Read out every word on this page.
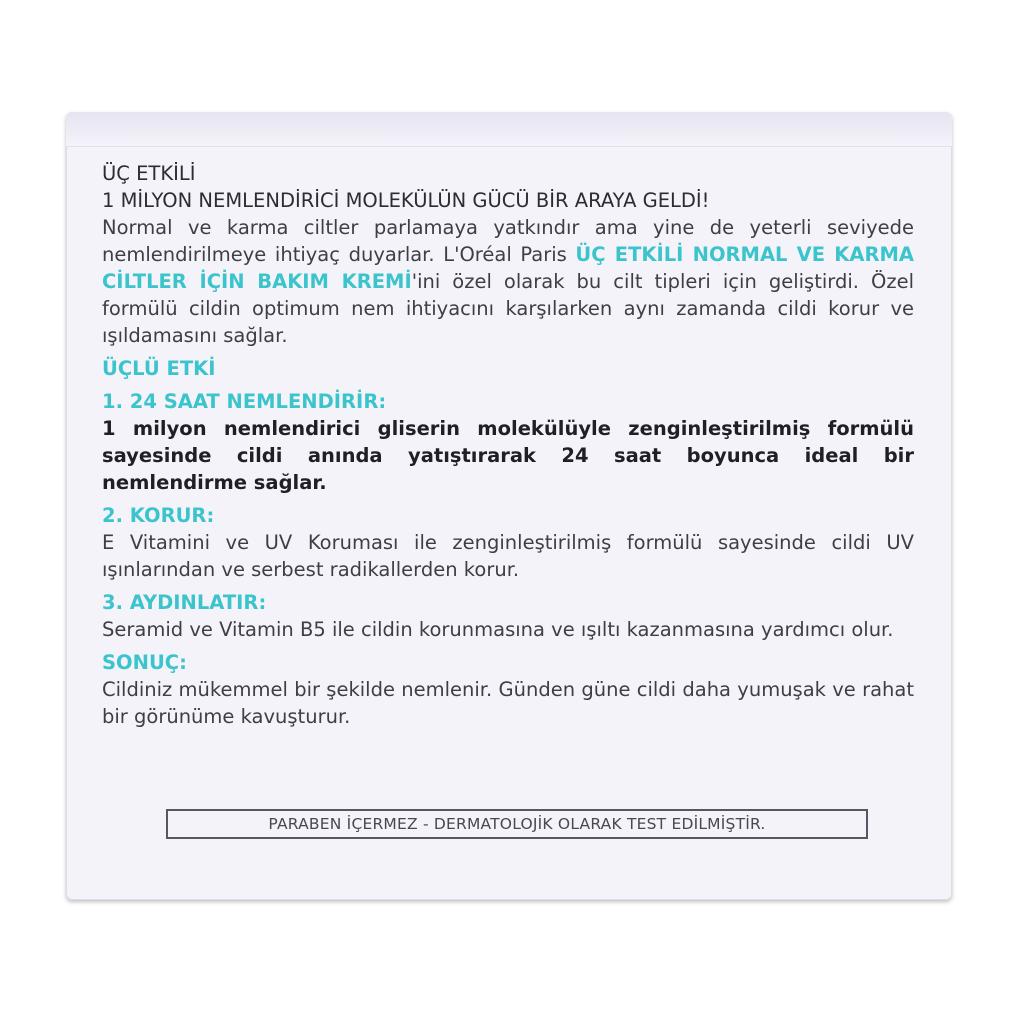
ÜÇ ETKİLİ

1 MİLYON NEMLENDİRİCİ MOLEKÜLÜN GÜCÜ BİR ARAYA GELDİ!

Normal ve karma ciltler parlamaya yatkındır ama yine de yeterli seviyede nemlendirilmeye ihtiyaç duyarlar. L'Oréal Paris ÜÇ ETKİLİ NORMAL VE KARMA CİLTLER İÇİN BAKIM KREMİ'ini özel olarak bu cilt tipleri için geliştirdi. Özel formülü cildin optimum nem ihtiyacını karşılarken aynı zamanda cildi korur ve ışıldamasını sağlar.

ÜÇLÜ ETKİ

1. 24 SAAT NEMLENDİRİR:

1 milyon nemlendirici gliserin molekülüyle zenginleştirilmiş formülü sayesinde cildi anında yatıştırarak 24 saat boyunca ideal bir nemlendirme sağlar.

2. KORUR:

E Vitamini ve UV Koruması ile zenginleştirilmiş formülü sayesinde cildi UV ışınlarından ve serbest radikallerden korur.

3. AYDINLATIR:

Seramid ve Vitamin B5 ile cildin korunmasına ve ışıltı kazanmasına yardımcı olur.

SONUÇ:

Cildiniz mükemmel bir şekilde nemlenir. Günden güne cildi daha yumuşak ve rahat bir görünüme kavuşturur.

PARABEN İÇERMEZ - DERMATOLOJİK OLARAK TEST EDİLMİŞTİR.
